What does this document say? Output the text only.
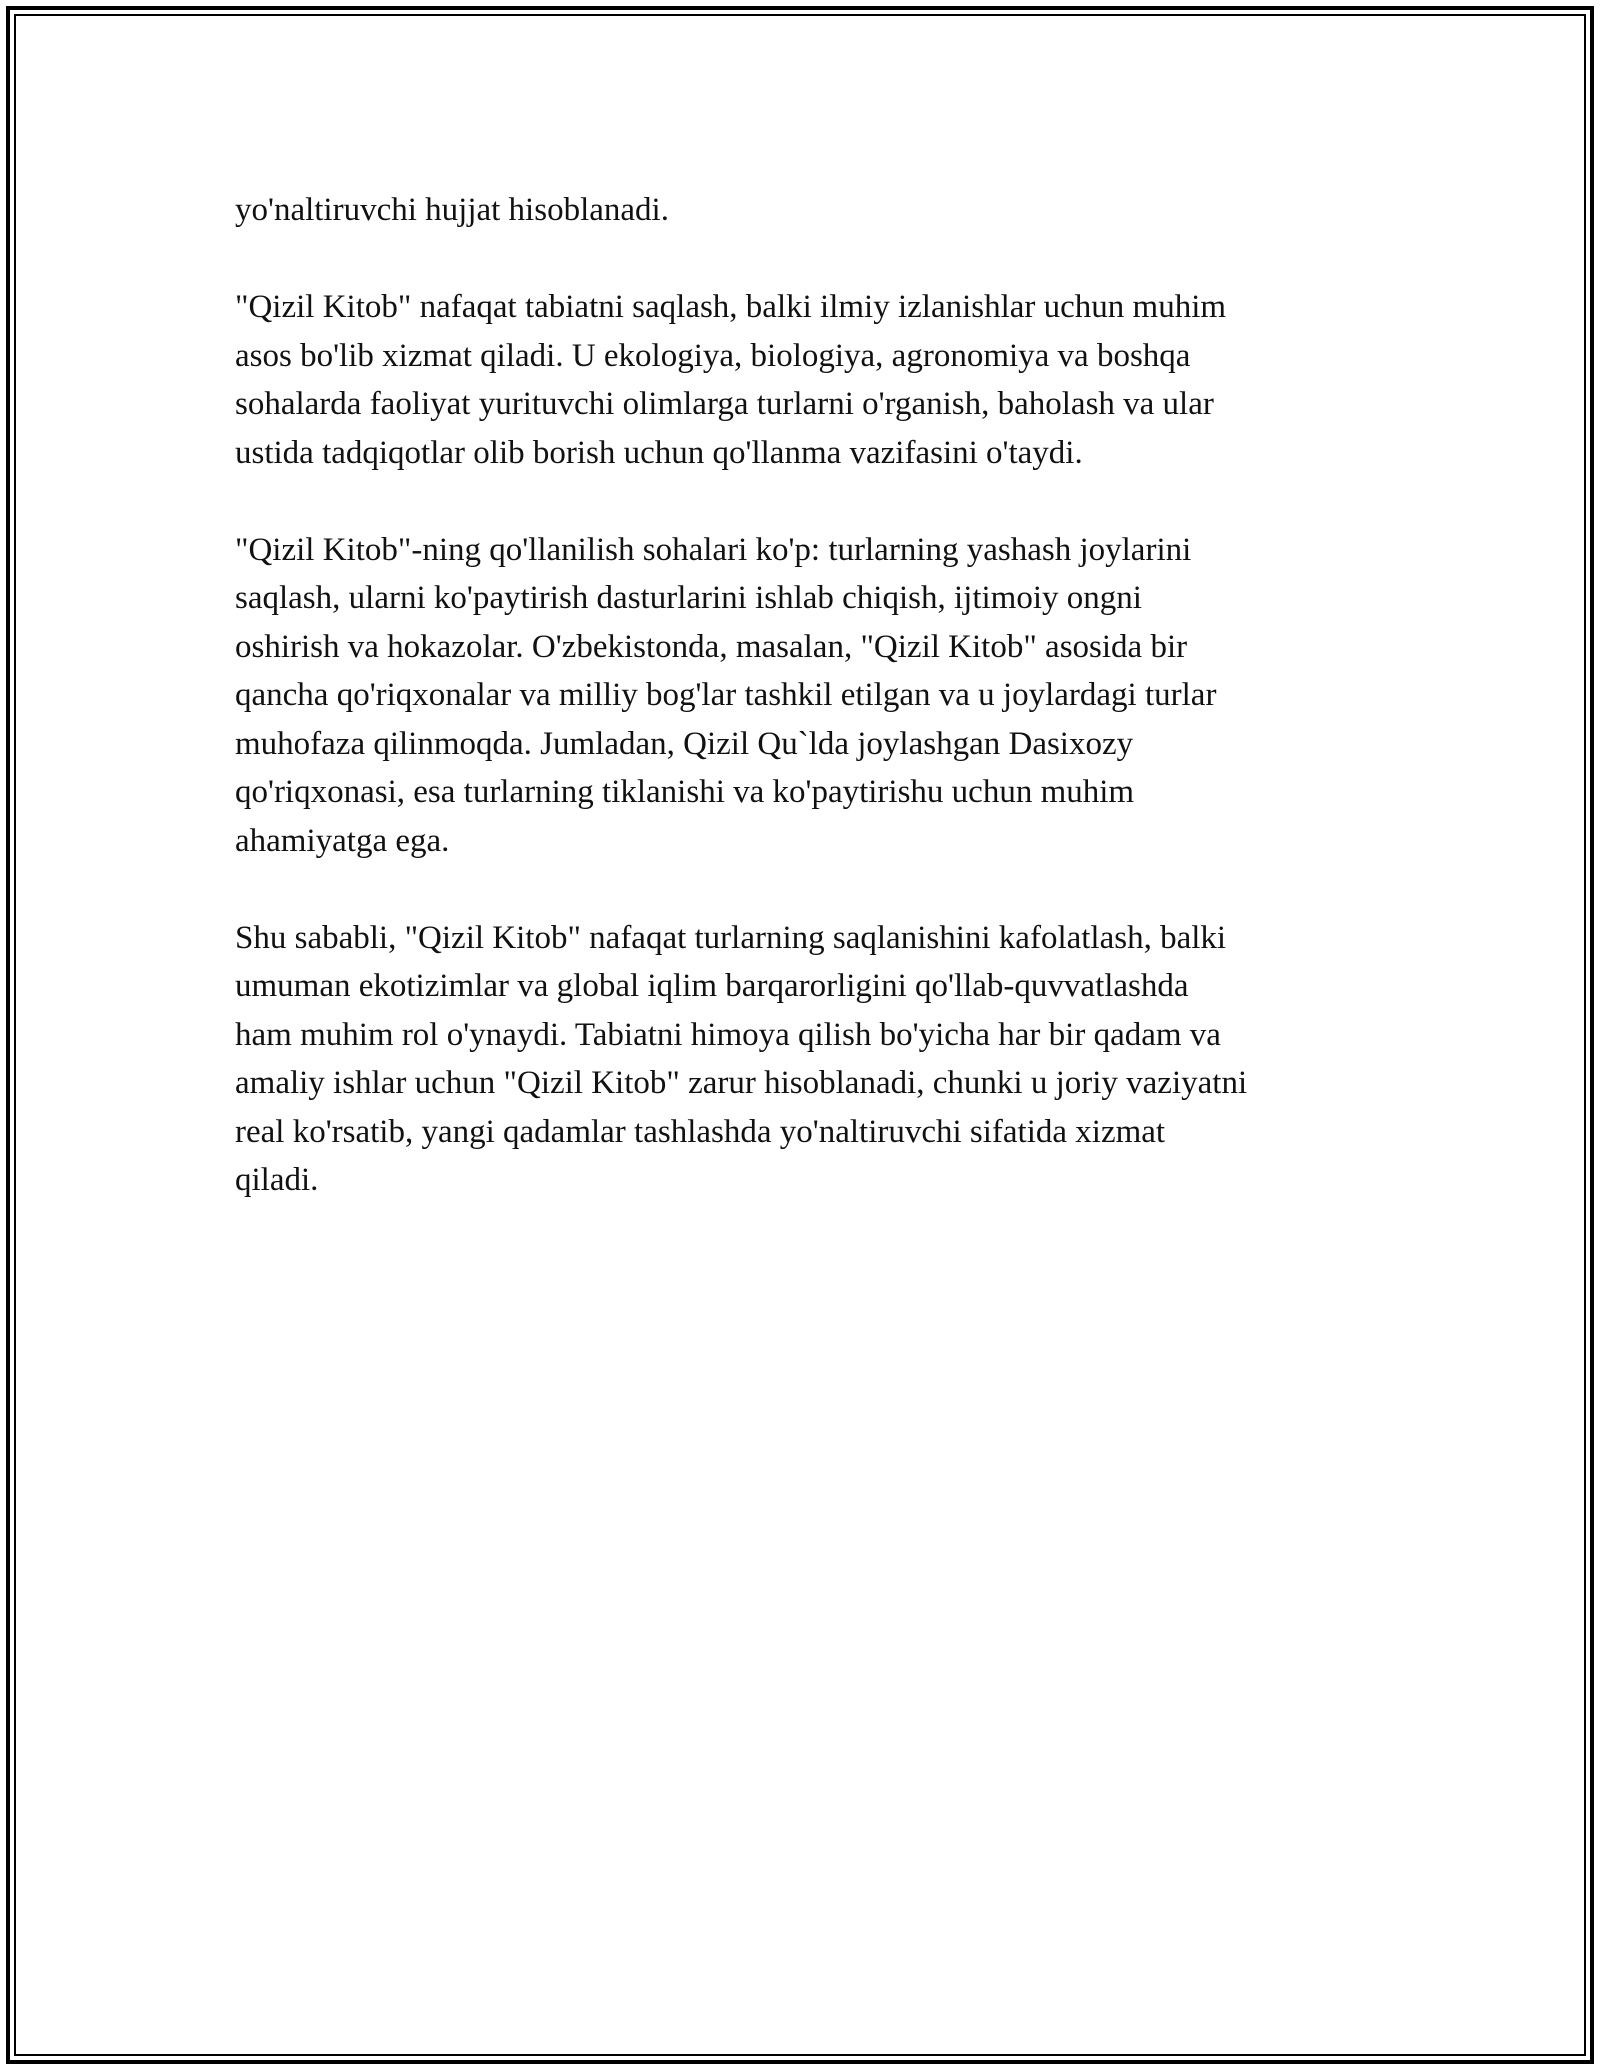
yo'naltiruvchi hujjat hisoblanadi.

"Qizil Kitob" nafaqat tabiatni saqlash, balki ilmiy izlanishlar uchun muhim
asos bo'lib xizmat qiladi. U ekologiya, biologiya, agronomiya va boshqa
sohalarda faoliyat yurituvchi olimlarga turlarni o'rganish, baholash va ular
ustida tadqiqotlar olib borish uchun qo'llanma vazifasini o'taydi.

"Qizil Kitob"-ning qo'llanilish sohalari ko'p: turlarning yashash joylarini
saqlash, ularni ko'paytirish dasturlarini ishlab chiqish, ijtimoiy ongni
oshirish va hokazolar. O'zbekistonda, masalan, "Qizil Kitob" asosida bir
qancha qo'riqxonalar va milliy bog'lar tashkil etilgan va u joylardagi turlar
muhofaza qilinmoqda. Jumladan, Qizil Qu`lda joylashgan Dasixozy
qo'riqxonasi, esa turlarning tiklanishi va ko'paytirishu uchun muhim
ahamiyatga ega.

Shu sababli, "Qizil Kitob" nafaqat turlarning saqlanishini kafolatlash, balki
umuman ekotizimlar va global iqlim barqarorligini qo'llab-quvvatlashda
ham muhim rol o'ynaydi. Tabiatni himoya qilish bo'yicha har bir qadam va
amaliy ishlar uchun "Qizil Kitob" zarur hisoblanadi, chunki u joriy vaziyatni
real ko'rsatib, yangi qadamlar tashlashda yo'naltiruvchi sifatida xizmat
qiladi.
